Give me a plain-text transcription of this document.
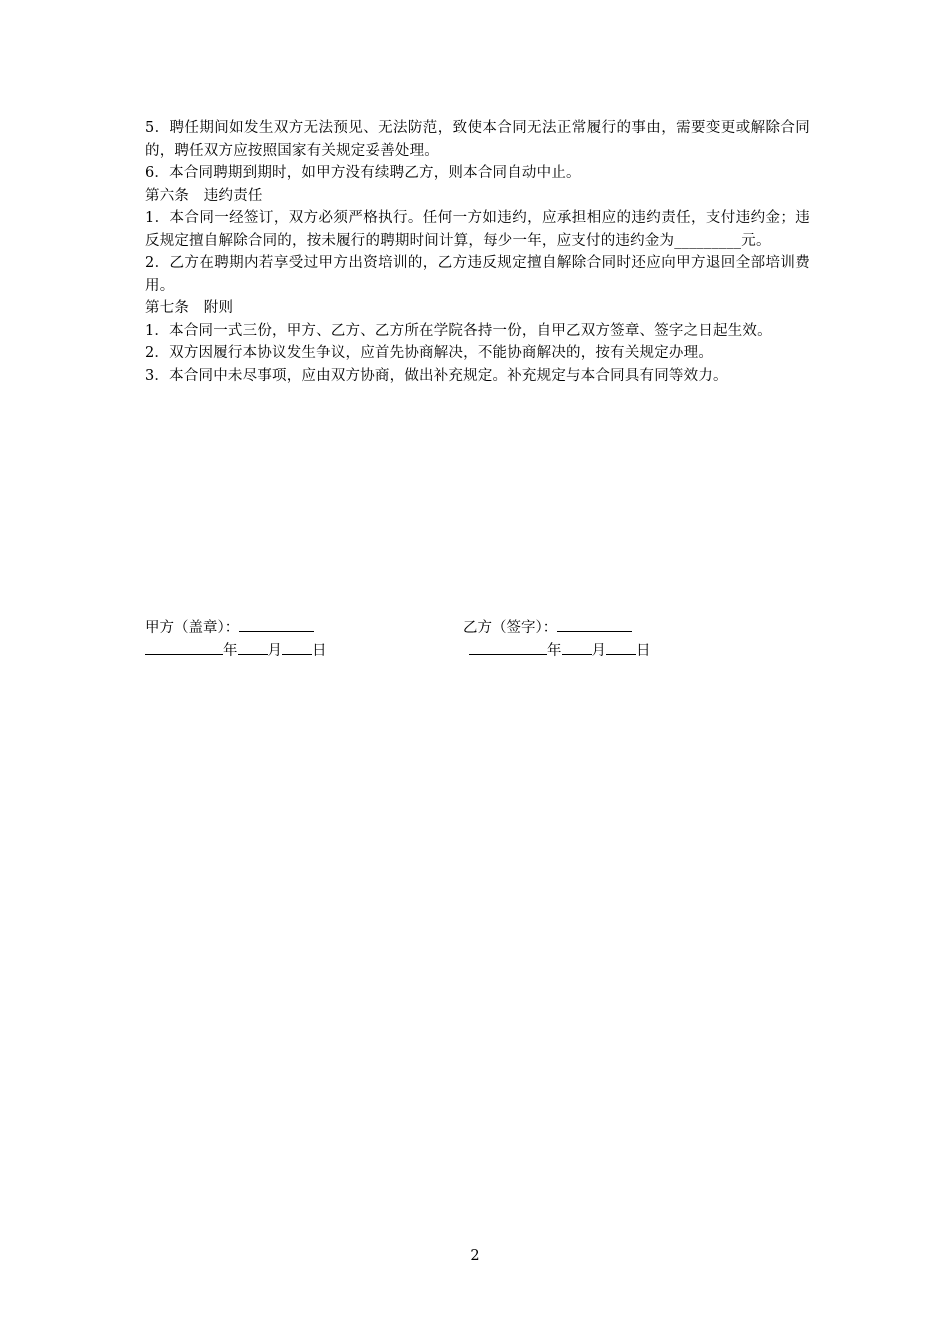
5．聘任期间如发生双方无法预见、无法防范，致使本合同无法正常履行的事由，需要变更或解除合同的，聘任双方应按照国家有关规定妥善处理。

6．本合同聘期到期时，如甲方没有续聘乙方，则本合同自动中止。

第六条　违约责任

1．本合同一经签订，双方必须严格执行。任何一方如违约，应承担相应的违约责任，支付违约金；违反规定擅自解除合同的，按未履行的聘期时间计算，每少一年，应支付的违约金为_________元。

2．乙方在聘期内若享受过甲方出资培训的，乙方违反规定擅自解除合同时还应向甲方退回全部培训费用。

第七条　附则

1．本合同一式三份，甲方、乙方、乙方所在学院各持一份，自甲乙双方签章、签字之日起生效。

2．双方因履行本协议发生争议，应首先协商解决，不能协商解决的，按有关规定办理。

3．本合同中未尽事项，应由双方协商，做出补充规定。补充规定与本合同具有同等效力。

甲方（盖章）：	乙方（签字）：
年 月 日	年 月 日
2
